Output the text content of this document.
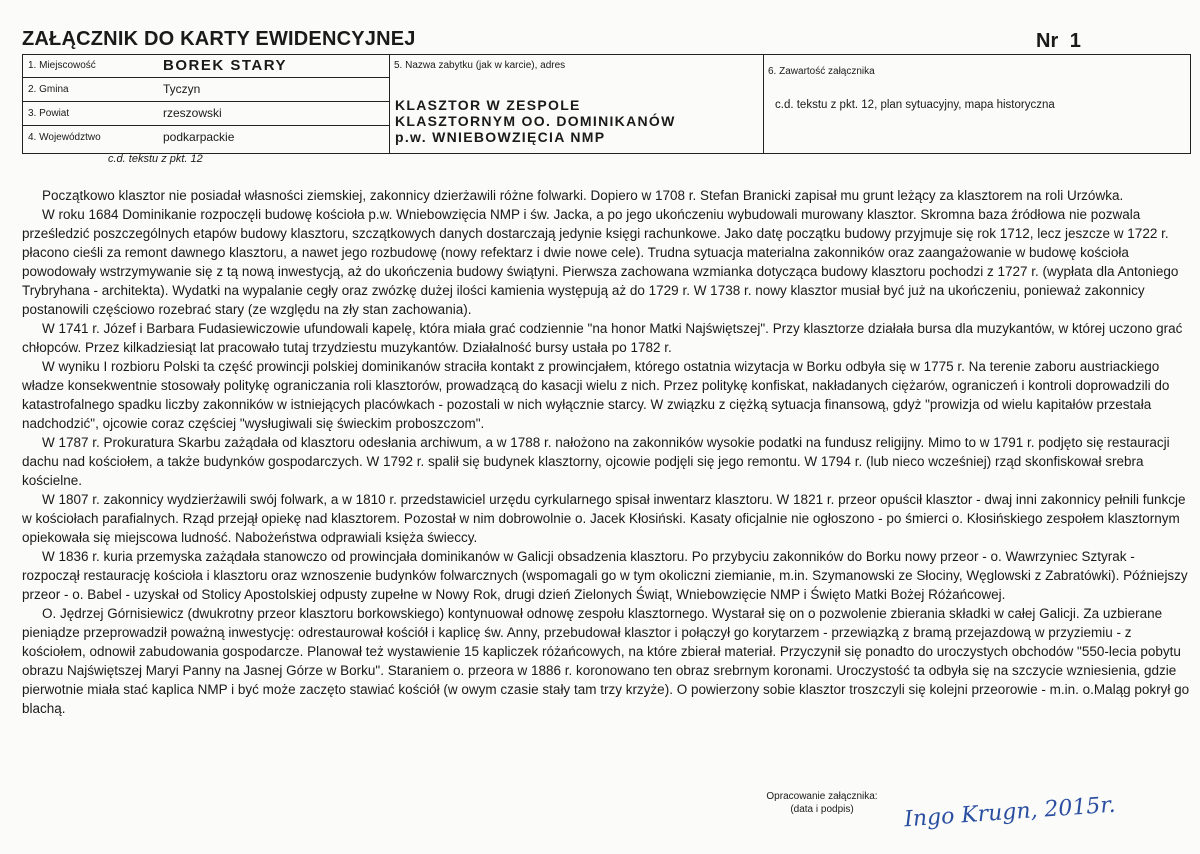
ZAŁĄCZNIK DO KARTY EWIDENCYJNEJ	Nr 1
1. Miejscowość	BOREK STARY
2. Gmina	Tyczyn
3. Powiat	rzeszowski
4. Województwo	podkarpackie
5. Nazwa zabytku (jak w karcie), adres
KLASZTOR W ZESPOLE
KLASZTORNYM OO. DOMINIKANÓW
p.w. WNIEBOWZIĘCIA NMP
6. Zawartość załącznika
c.d. tekstu z pkt. 12, plan sytuacyjny, mapa historyczna
c.d. tekstu z pkt. 12

Początkowo klasztor nie posiadał własności ziemskiej, zakonnicy dzierżawili różne folwarki. Dopiero w 1708 r. Stefan Branicki zapisał mu grunt leżący za klasztorem na roli Urzówka.

W roku 1684 Dominikanie rozpoczęli budowę kościoła p.w. Wniebowzięcia NMP i św. Jacka, a po jego ukończeniu wybudowali murowany klasztor. Skromna baza źródłowa nie pozwala prześledzić poszczególnych etapów budowy klasztoru, szczątkowych danych dostarczają jedynie księgi rachunkowe. Jako datę początku budowy przyjmuje się rok 1712, lecz jeszcze w 1722 r. płacono cieśli za remont dawnego klasztoru, a nawet jego rozbudowę (nowy refektarz i dwie nowe cele). Trudna sytuacja materialna zakonników oraz zaangażowanie w budowę kościoła powodowały wstrzymywanie się z tą nową inwestycją, aż do ukończenia budowy świątyni. Pierwsza zachowana wzmianka dotycząca budowy klasztoru pochodzi z 1727 r. (wypłata dla Antoniego Trybryhana - architekta). Wydatki na wypalanie cegły oraz zwózkę dużej ilości kamienia występują aż do 1729 r. W 1738 r. nowy klasztor musiał być już na ukończeniu, ponieważ zakonnicy postanowili częściowo rozebrać stary (ze względu na zły stan zachowania).

W 1741 r. Józef i Barbara Fudasiewiczowie ufundowali kapelę, która miała grać codziennie "na honor Matki Najświętszej". Przy klasztorze działała bursa dla muzykantów, w której uczono grać chłopców. Przez kilkadziesiąt lat pracowało tutaj trzydziestu muzykantów. Działalność bursy ustała po 1782 r.

W wyniku I rozbioru Polski ta część prowincji polskiej dominikanów straciła kontakt z prowincjałem, którego ostatnia wizytacja w Borku odbyła się w 1775 r. Na terenie zaboru austriackiego władze konsekwentnie stosowały politykę ograniczania roli klasztorów, prowadzącą do kasacji wielu z nich. Przez politykę konfiskat, nakładanych ciężarów, ograniczeń i kontroli doprowadzili do katastrofalnego spadku liczby zakonników w istniejących placówkach - pozostali w nich wyłącznie starcy. W związku z ciężką sytuacja finansową, gdyż "prowizja od wielu kapitałów przestała nadchodzić", ojcowie coraz częściej "wysługiwali się świeckim proboszczom".

W 1787 r. Prokuratura Skarbu zażądała od klasztoru odesłania archiwum, a w 1788 r. nałożono na zakonników wysokie podatki na fundusz religijny. Mimo to w 1791 r. podjęto się restauracji dachu nad kościołem, a także budynków gospodarczych. W 1792 r. spalił się budynek klasztorny, ojcowie podjęli się jego remontu. W 1794 r. (lub nieco wcześniej) rząd skonfiskował srebra kościelne.

W 1807 r. zakonnicy wydzierżawili swój folwark, a w 1810 r. przedstawiciel urzędu cyrkularnego spisał inwentarz klasztoru. W 1821 r. przeor opuścił klasztor - dwaj inni zakonnicy pełnili funkcje w kościołach parafialnych. Rząd przejął opiekę nad klasztorem. Pozostał w nim dobrowolnie o. Jacek Kłosiński. Kasaty oficjalnie nie ogłoszono - po śmierci o. Kłosińskiego zespołem klasztornym opiekowała się miejscowa ludność. Nabożeństwa odprawiali księża świeccy.

W 1836 r. kuria przemyska zażądała stanowczo od prowincjała dominikanów w Galicji obsadzenia klasztoru. Po przybyciu zakonników do Borku nowy przeor - o. Wawrzyniec Sztyrak - rozpoczął restaurację kościoła i klasztoru oraz wznoszenie budynków folwarcznych (wspomagali go w tym okoliczni ziemianie, m.in. Szymanowski ze Słociny, Węglowski z Zabratówki). Późniejszy przeor - o. Babel - uzyskał od Stolicy Apostolskiej odpusty zupełne w Nowy Rok, drugi dzień Zielonych Świąt, Wniebowzięcie NMP i Święto Matki Bożej Różańcowej.

O. Jędrzej Górnisiewicz (dwukrotny przeor klasztoru borkowskiego) kontynuował odnowę zespołu klasztornego. Wystarał się on o pozwolenie zbierania składki w całej Galicji. Za uzbierane pieniądze przeprowadził poważną inwestycję: odrestaurował kościół i kaplicę św. Anny, przebudował klasztor i połączył go korytarzem - przewiązką z bramą przejazdową w przyziemiu - z kościołem, odnowił zabudowania gospodarcze. Planował też wystawienie 15 kapliczek różańcowych, na które zbierał materiał. Przyczynił się ponadto do uroczystych obchodów "550-lecia pobytu obrazu Najświętszej Maryi Panny na Jasnej Górze w Borku". Staraniem o. przeora w 1886 r. koronowano ten obraz srebrnym koronami. Uroczystość ta odbyła się na szczycie wzniesienia, gdzie pierwotnie miała stać kaplica NMP i być może zaczęto stawiać kościół (w owym czasie stały tam trzy krzyże). O powierzony sobie klasztor troszczyli się kolejni przeorowie - m.in. o.Maląg pokrył go blachą.

Opracowanie załącznika:
(data i podpis)	Ingo Krugn, 2015r.
